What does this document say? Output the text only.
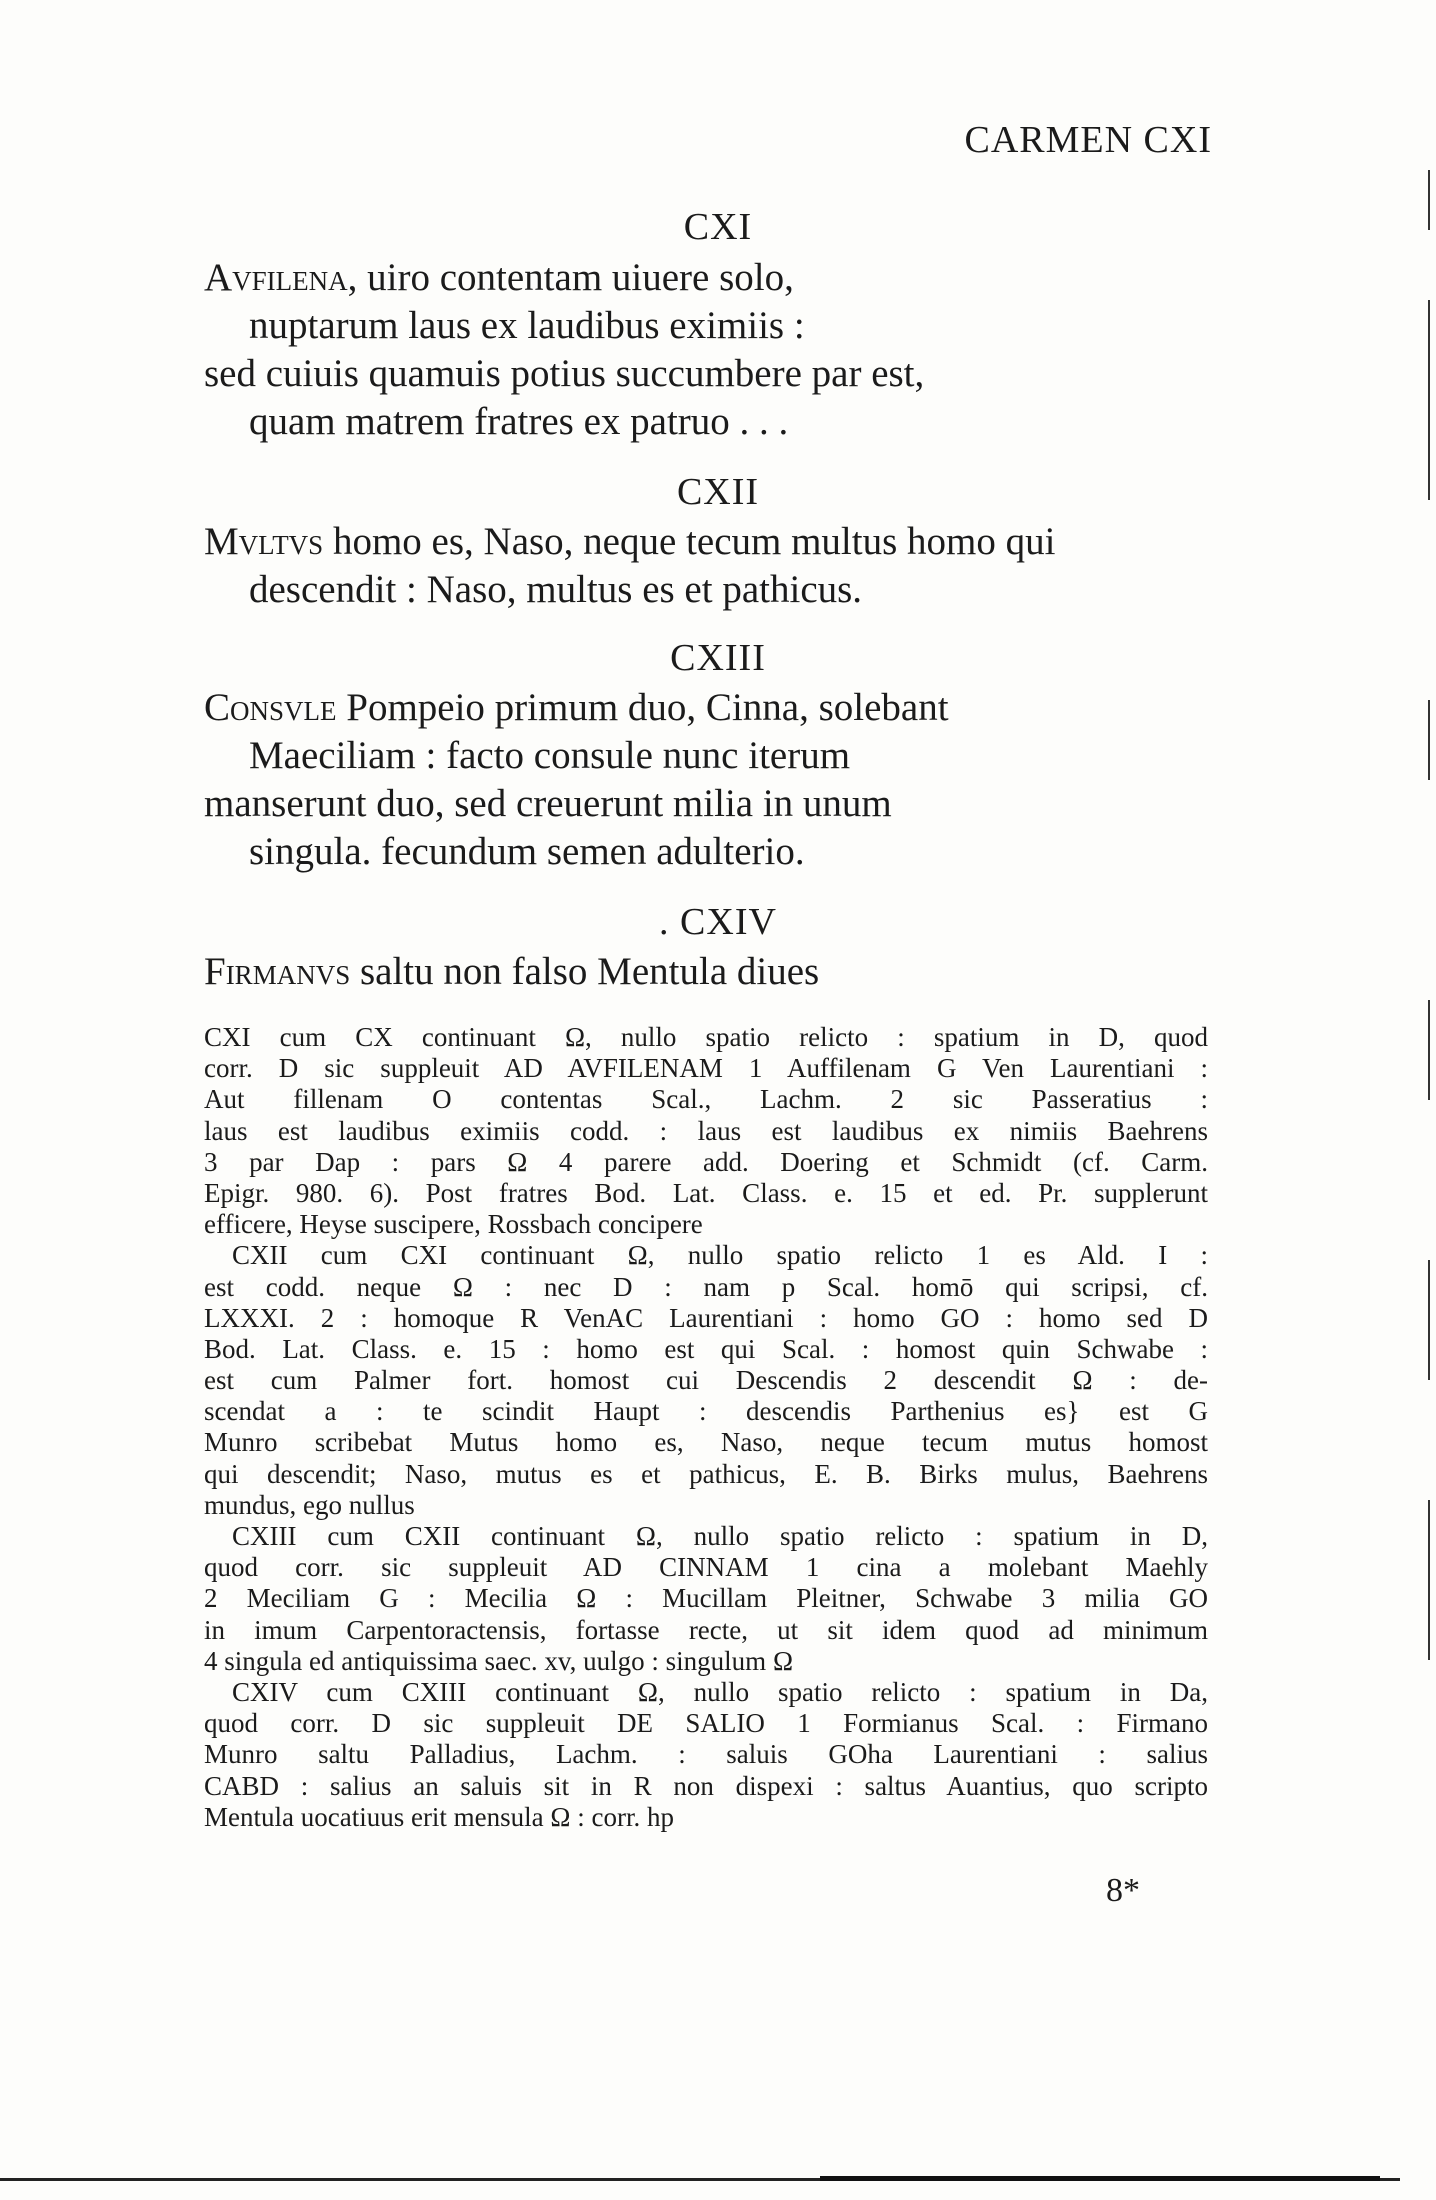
CARMEN CXI
CXI
Avfilena, uiro contentam uiuere solo,
nuptarum laus ex laudibus eximiis :
sed cuiuis quamuis potius succumbere par est,
quam matrem fratres ex patruo . . .
CXII
Mvltvs homo es, Naso, neque tecum multus homo qui
descendit : Naso, multus es et pathicus.
CXIII
Consvle Pompeio primum duo, Cinna, solebant
Maeciliam : facto consule nunc iterum
manserunt duo, sed creuerunt milia in unum
singula. fecundum semen adulterio.
. CXIV
Firmanvs saltu non falso Mentula diues
CXI cum CX continuant Ω, nullo spatio relicto : spatium in D, quod
corr. D sic suppleuit AD AVFILENAM 1 Auffilenam G Ven Laurentiani :
Aut fillenam O contentas Scal., Lachm. 2 sic Passeratius :
laus est laudibus eximiis codd. : laus est laudibus ex nimiis Baehrens
3 par Dap : pars Ω 4 parere add. Doering et Schmidt (cf. Carm.
Epigr. 980. 6). Post fratres Bod. Lat. Class. e. 15 et ed. Pr. supplerunt
efficere, Heyse suscipere, Rossbach concipere
CXII cum CXI continuant Ω, nullo spatio relicto 1 es Ald. I :
est codd. neque Ω : nec D : nam p Scal. homō qui scripsi, cf.
LXXXI. 2 : homoque R VenAC Laurentiani : homo GO : homo sed D
Bod. Lat. Class. e. 15 : homo est qui Scal. : homost quin Schwabe :
est cum Palmer fort. homost cui Descendis 2 descendit Ω : de-
scendat a : te scindit Haupt : descendis Parthenius es} est G
Munro scribebat Mutus homo es, Naso, neque tecum mutus homost
qui descendit; Naso, mutus es et pathicus, E. B. Birks mulus, Baehrens
mundus, ego nullus
CXIII cum CXII continuant Ω, nullo spatio relicto : spatium in D,
quod corr. sic suppleuit AD CINNAM 1 cina a molebant Maehly
2 Meciliam G : Mecilia Ω : Mucillam Pleitner, Schwabe 3 milia GO
in imum Carpentoractensis, fortasse recte, ut sit idem quod ad minimum
4 singula ed antiquissima saec. xv, uulgo : singulum Ω
CXIV cum CXIII continuant Ω, nullo spatio relicto : spatium in Da,
quod corr. D sic suppleuit DE SALIO 1 Formianus Scal. : Firmano
Munro saltu Palladius, Lachm. : saluis GOha Laurentiani : salius
CABD : salius an saluis sit in R non dispexi : saltus Auantius, quo scripto
Mentula uocatiuus erit mensula Ω : corr. hp
8*
